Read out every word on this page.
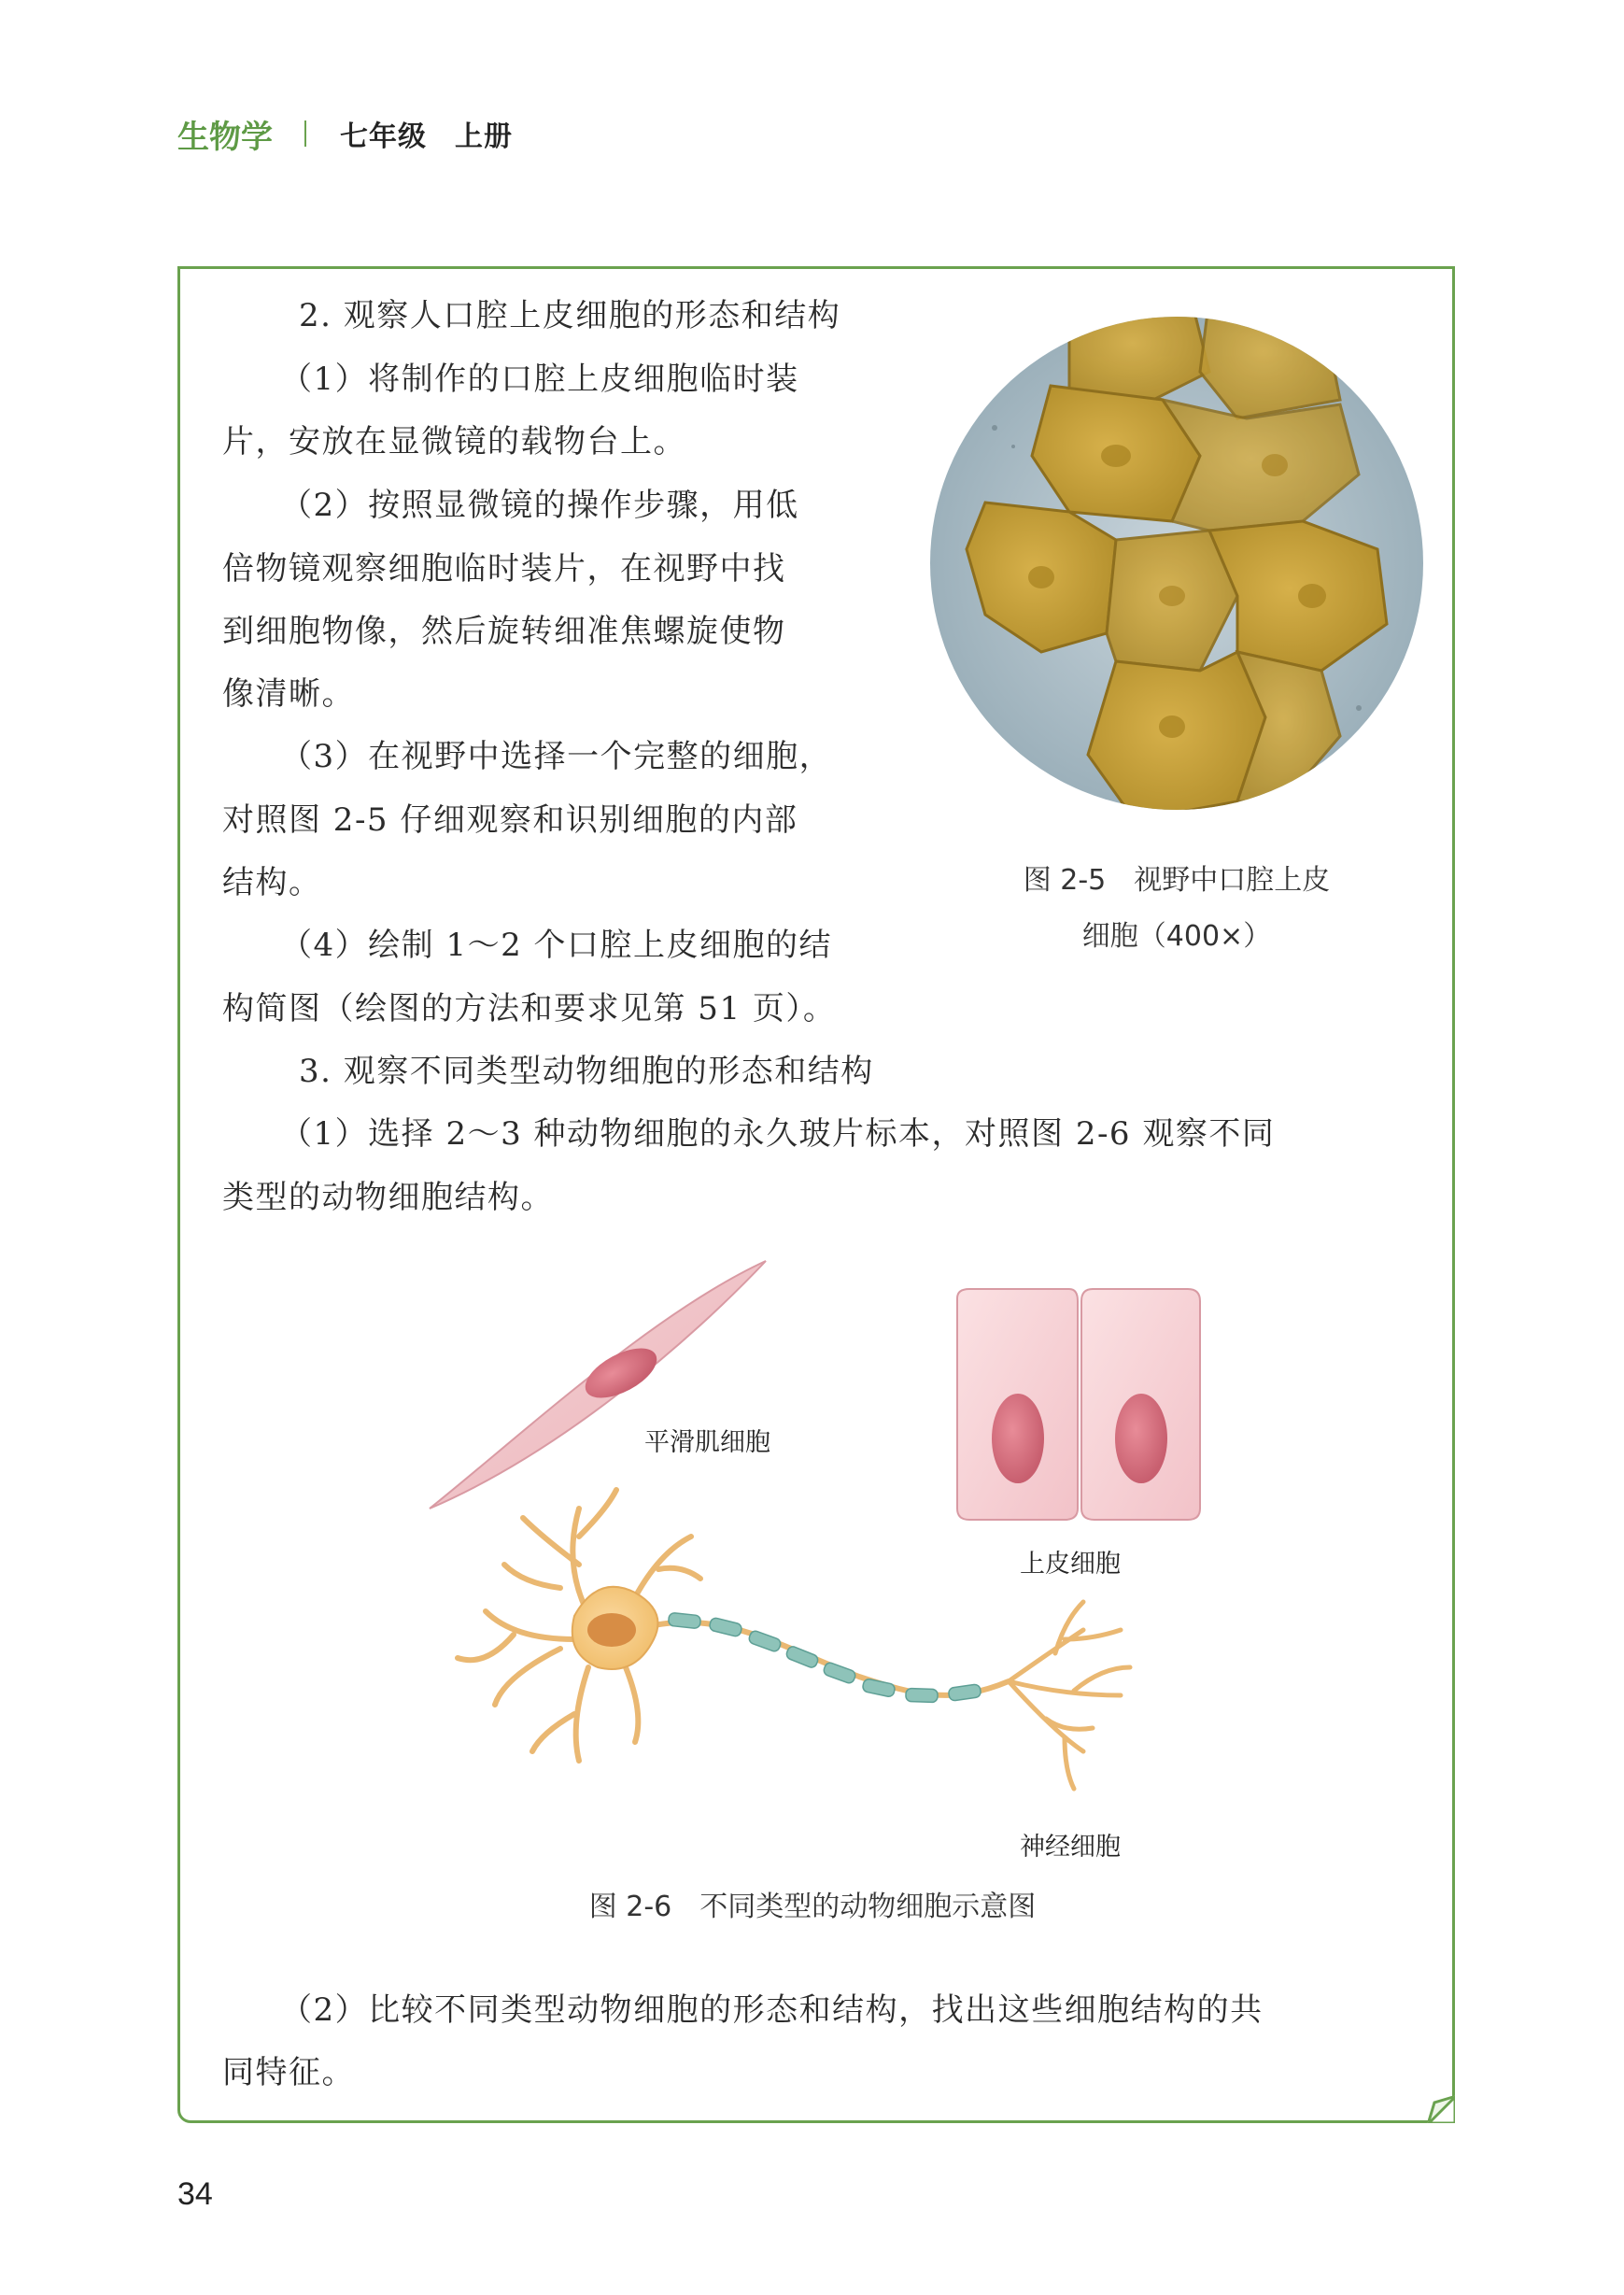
生物学 七年级 上册

2. 观察人口腔上皮细胞的形态和结构

（1）将制作的口腔上皮细胞临时装

片，安放在显微镜的载物台上。

（2）按照显微镜的操作步骤，用低

倍物镜观察细胞临时装片，在视野中找

到细胞物像，然后旋转细准焦螺旋使物

像清晰。

（3）在视野中选择一个完整的细胞，

对照图 2-5 仔细观察和识别细胞的内部

结构。

（4）绘制 1～2 个口腔上皮细胞的结

构简图（绘图的方法和要求见第 51 页）。

图 2-5　视野中口腔上皮

细胞（400×）

3. 观察不同类型动物细胞的形态和结构

（1）选择 2～3 种动物细胞的永久玻片标本，对照图 2-6 观察不同

类型的动物细胞结构。

平滑肌细胞
上皮细胞
神经细胞

图 2-6　不同类型的动物细胞示意图

（2）比较不同类型动物细胞的形态和结构，找出这些细胞结构的共

同特征。

34
